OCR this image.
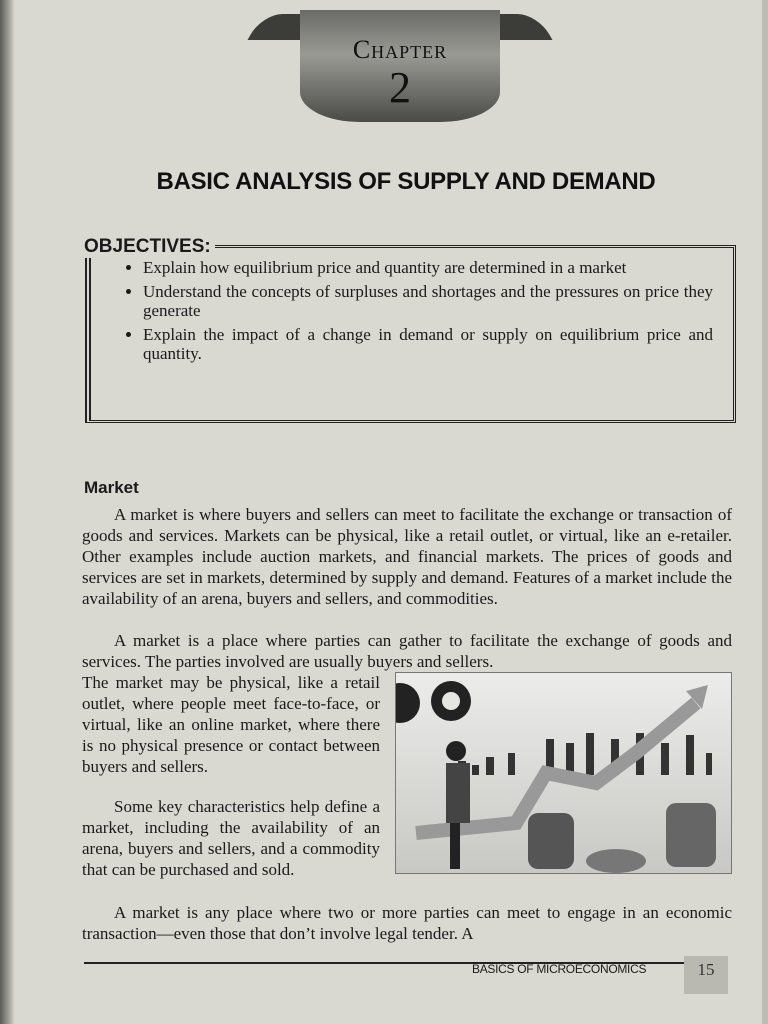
Chapter
2
BASIC ANALYSIS OF SUPPLY AND DEMAND
OBJECTIVES:
• Explain how equilibrium price and quantity are determined in a market
• Understand the concepts of surpluses and shortages and the pressures on price they generate
• Explain the impact of a change in demand or supply on equilibrium price and quantity.
Market

A market is where buyers and sellers can meet to facilitate the exchange or transaction of goods and services. Markets can be physical, like a retail outlet, or virtual, like an e-retailer. Other examples include auction markets, and financial markets. The prices of goods and services are set in markets, determined by supply and demand. Features of a market include the availability of an arena, buyers and sellers, and commodities.

A market is a place where parties can gather to facilitate the exchange of goods and services. The parties involved are usually buyers and sellers.

The market may be physical, like a retail outlet, where people meet face-to-face, or virtual, like an online market, where there is no physical presence or contact between buyers and sellers.

Some key characteristics help define a market, including the availability of an arena, buyers and sellers, and a commodity that can be purchased and sold.

A market is any place where two or more parties can meet to engage in an economic transaction—even those that don’t involve legal tender. A

BASICS OF MICROECONOMICS	15
